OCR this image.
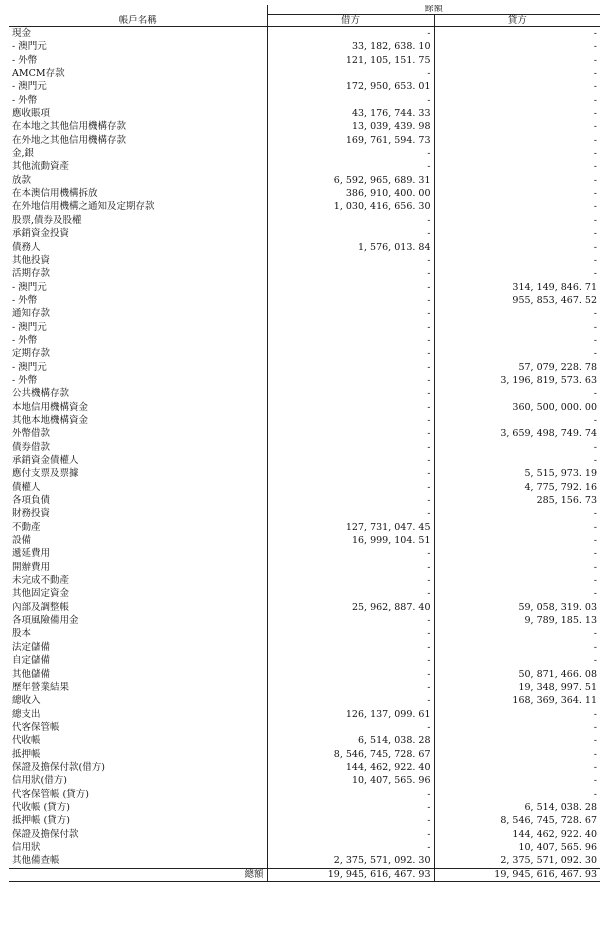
	餘額	
帳戶名稱	借方	貸方
現金	-	-
- 澳門元	33, 182, 638. 10	-
- 外幣	121, 105, 151. 75	-
AMCM存款	-	-
- 澳門元	172, 950, 653. 01	-
- 外幣	-	-
應收賬項	43, 176, 744. 33	-
在本地之其他信用機構存款	13, 039, 439. 98	-
在外地之其他信用機構存款	169, 761, 594. 73	-
金,銀	-	-
其他流動資產	-	-
放款	6, 592, 965, 689. 31	-
在本澳信用機構拆放	386, 910, 400. 00	-
在外地信用機構之通知及定期存款	1, 030, 416, 656. 30	-
股票,債券及股權	-	-
承銷資金投資	-	-
債務人	1, 576, 013. 84	-
其他投資	-	-
活期存款	-	-
- 澳門元	-	314, 149, 846. 71
- 外幣	-	955, 853, 467. 52
通知存款	-	-
- 澳門元	-	-
- 外幣	-	-
定期存款	-	-
- 澳門元	-	57, 079, 228. 78
- 外幣	-	3, 196, 819, 573. 63
公共機構存款	-	-
本地信用機構資金	-	360, 500, 000. 00
其他本地機構資金	-	-
外幣借款	-	3, 659, 498, 749. 74
債券借款	-	-
承銷資金債權人	-	-
應付支票及票據	-	5, 515, 973. 19
債權人	-	4, 775, 792. 16
各項負債	-	285, 156. 73
財務投資	-	-
不動產	127, 731, 047. 45	-
設備	16, 999, 104. 51	-
遞延費用	-	-
開辦費用	-	-
未完成不動產	-	-
其他固定資金	-	-
內部及調整帳	25, 962, 887. 40	59, 058, 319. 03
各項風險備用金	-	9, 789, 185. 13
股本	-	-
法定儲備	-	-
自定儲備	-	-
其他儲備	-	50, 871, 466. 08
歷年營業結果	-	19, 348, 997. 51
總收入	-	168, 369, 364. 11
總支出	126, 137, 099. 61	-
代客保管帳	-	-
代收帳	6, 514, 038. 28	-
抵押帳	8, 546, 745, 728. 67	-
保證及擔保付款(借方)	144, 462, 922. 40	-
信用狀(借方)	10, 407, 565. 96	-
代客保管帳 (貸方)	-	-
代收帳 (貸方)	-	6, 514, 038. 28
抵押帳 (貸方)	-	8, 546, 745, 728. 67
保證及擔保付款	-	144, 462, 922. 40
信用狀	-	10, 407, 565. 96
其他備查帳	2, 375, 571, 092. 30	2, 375, 571, 092. 30
總額	19, 945, 616, 467. 93	19, 945, 616, 467. 93
